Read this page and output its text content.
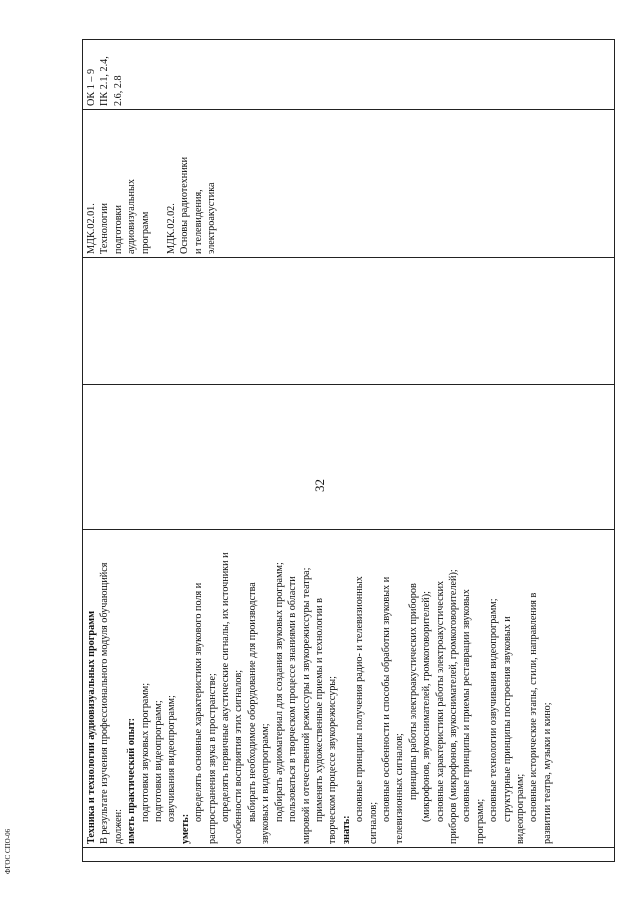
32
ФГОС СПО-06

Техника и технологии аудиовизуальных программ В результате изучения профессионального модуля обучающийся должен: иметь практический опыт: подготовки звуковых программ; подготовки видеопрограмм; озвучивания видеопрограмм;
уметь:
определять основные характеристики звукового поля и распространения звука в пространстве; определять первичные акустические сигналы, их источники и особенности восприятия этих сигналов; выбирать необходимое оборудование для производства звуковых и видеопрограмм; подбирать аудиоматериал для создания звуковых программ; пользоваться в творческом процессе знаниями в области мировой и отечественной режиссуры и звукорежиссуры театра; применять художественные приемы и технологии в творческом процессе звукорежиссуры; знать:
основные принципы получения радио- и телевизионных
сигналов;
основные особенности и способы обработки звуковых и телевизионных сигналов; принципы работы электроакустических приборов (микрофонов, звукоснимателей, громкоговорителей); основные характеристики работы электроакустических приборов (микрофонов, звукоснимателей, громкоговорителей); основные принципы и приемы реставрации звуковых программ; основные технологии озвучивания видеопрограмм; структурные принципы построения звуковых и видеопрограмм; основные исторические этапы, стили, направления в развитии театра, музыки и кино;

МДК.02.01. Технологии подготовки аудиовизуальных программ МДК.02.02. Основы радиотехники и телевидения, электроакустика

ОК 1 – 9 ПК 2.1, 2.4, 2.6, 2.8
